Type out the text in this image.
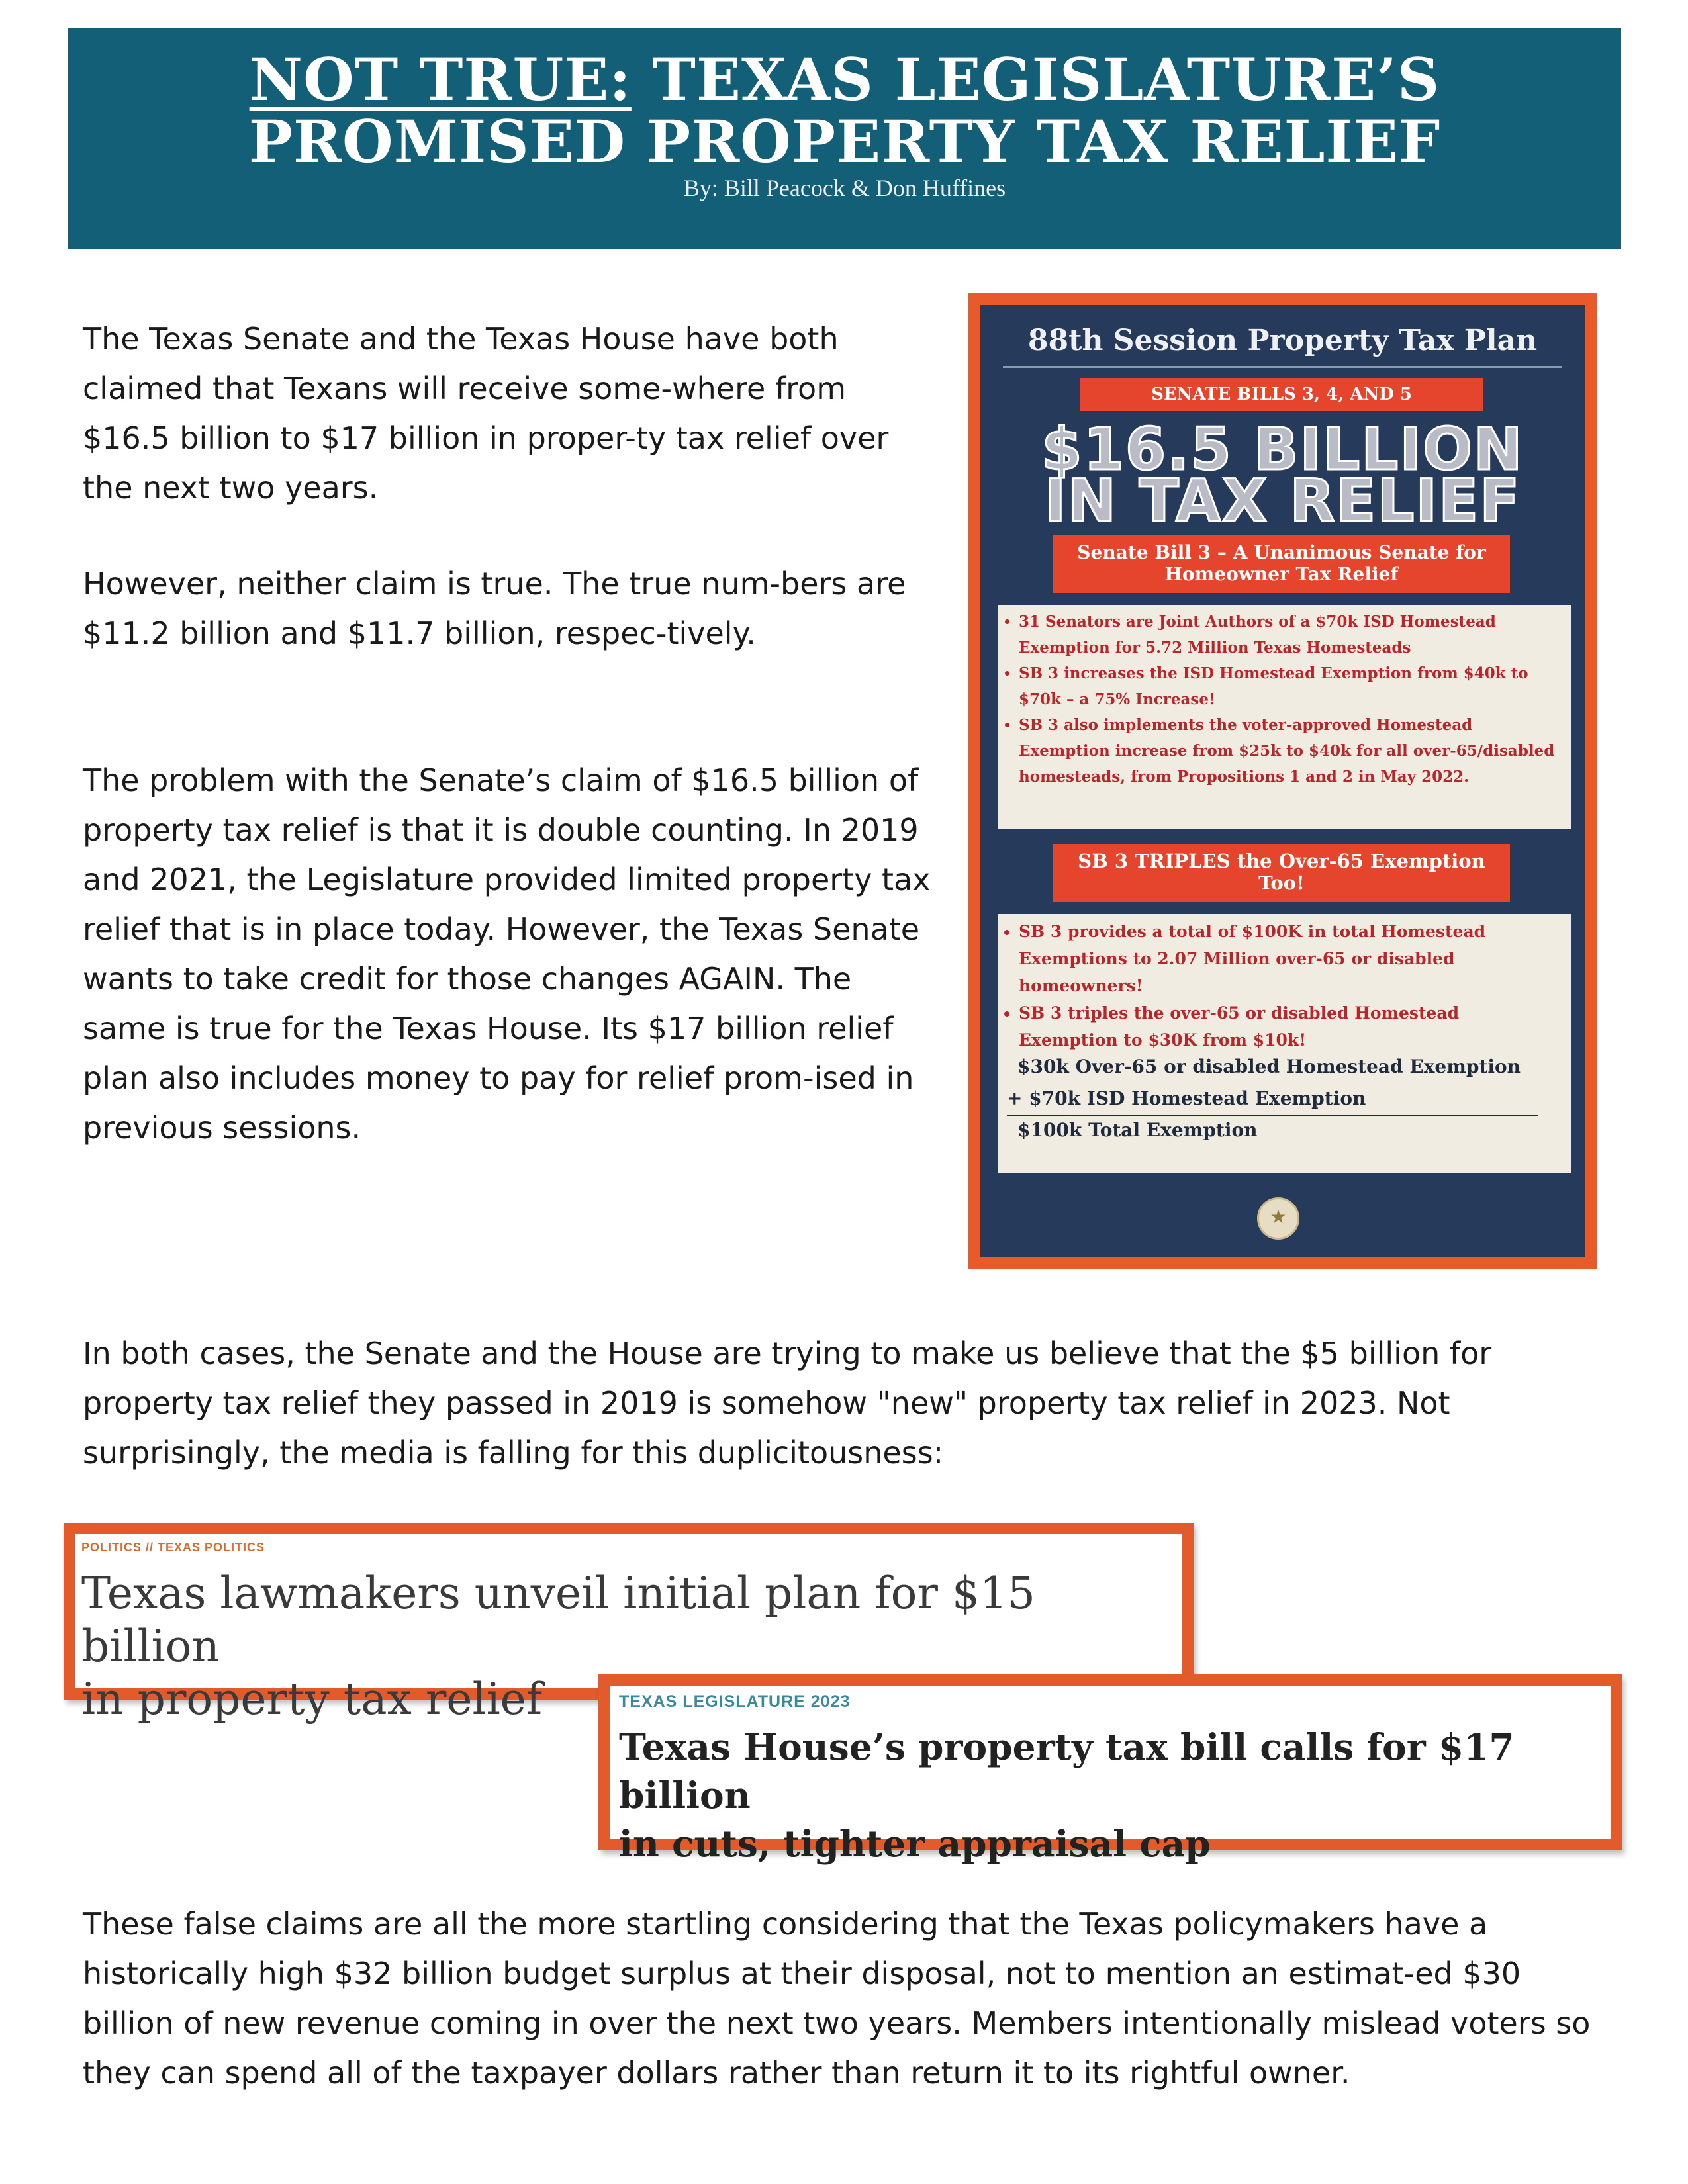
NOT TRUE: TEXAS LEGISLATURE’S
PROMISED PROPERTY TAX RELIEF
By: Bill Peacock & Don Huffines

The Texas Senate and the Texas House have both claimed that Texans will receive some-where from $16.5 billion to $17 billion in proper-ty tax relief over the next two years.

However, neither claim is true. The true num-bers are $11.2 billion and $11.7 billion, respec-tively.

The problem with the Senate’s claim of $16.5 billion of property tax relief is that it is double counting. In 2019 and 2021, the Legislature provided limited property tax relief that is in place today. However, the Texas Senate wants to take credit for those changes AGAIN. The same is true for the Texas House. Its $17 billion relief plan also includes money to pay for relief prom-ised in previous sessions.

88th Session Property Tax Plan
SENATE BILLS 3, 4, AND 5
$16.5 BILLION
IN TAX RELIEF
Senate Bill 3 – A Unanimous Senate for
Homeowner Tax Relief
• 31 Senators are Joint Authors of a $70k ISD Homestead Exemption for 5.72 Million Texas Homesteads
• SB 3 increases the ISD Homestead Exemption from $40k to $70k – a 75% Increase!
• SB 3 also implements the voter-approved Homestead Exemption increase from $25k to $40k for all over-65/disabled homesteads, from Propositions 1 and 2 in May 2022.
SB 3 TRIPLES the Over-65 Exemption
Too!
• SB 3 provides a total of $100K in total Homestead Exemptions to 2.07 Million over-65 or disabled homeowners!
• SB 3 triples the over-65 or disabled Homestead Exemption to $30K from $10k!
$30k Over-65 or disabled Homestead Exemption
+ $70k ISD Homestead Exemption
$100k Total Exemption
★

In both cases, the Senate and the House are trying to make us believe that the $5 billion for property tax relief they passed in 2019 is somehow "new" property tax relief in 2023. Not surprisingly, the media is falling for this duplicitousness:

POLITICS // TEXAS POLITICS

Texas lawmakers unveil initial plan for $15 billion
in property tax relief	TEXAS LEGISLATURE 2023

Texas House’s property tax bill calls for $17 billion
in cuts, tighter appraisal cap

These false claims are all the more startling considering that the Texas policymakers have a historically high $32 billion budget surplus at their disposal, not to mention an estimat-ed $30 billion of new revenue coming in over the next two years. Members intentionally mislead voters so they can spend all of the taxpayer dollars rather than return it to its rightful owner.
